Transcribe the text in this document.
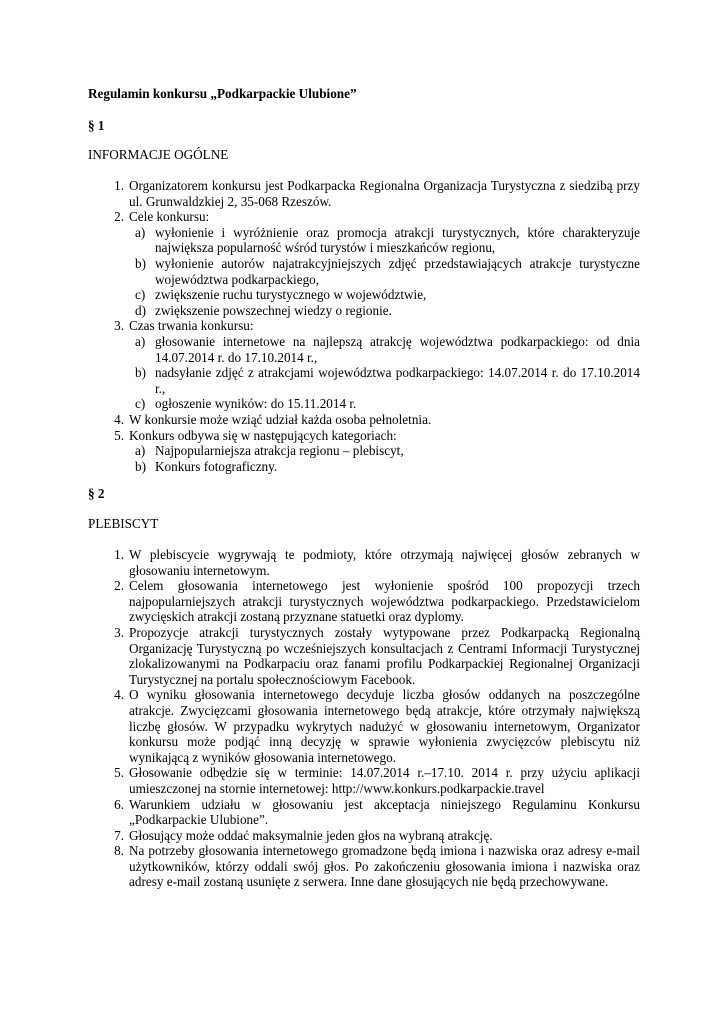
Regulamin konkursu „Podkarpackie Ulubione”
§ 1
INFORMACJE OGÓLNE
1. Organizatorem konkursu jest Podkarpacka Regionalna Organizacja Turystyczna z siedzibą przy ul. Grunwaldzkiej 2, 35-068 Rzeszów.
2. Cele konkursu:
a) wyłonienie i wyróżnienie oraz promocja atrakcji turystycznych, które charakteryzuje największa popularność wśród turystów i mieszkańców regionu,
b) wyłonienie autorów najatrakcyjniejszych zdjęć przedstawiających atrakcje turystyczne województwa podkarpackiego,
c) zwiększenie ruchu turystycznego w województwie,
d) zwiększenie powszechnej wiedzy o regionie.
3. Czas trwania konkursu:
a) głosowanie internetowe na najlepszą atrakcję województwa podkarpackiego: od dnia 14.07.2014 r. do 17.10.2014 r.,
b) nadsyłanie zdjęć z atrakcjami województwa podkarpackiego: 14.07.2014 r. do 17.10.2014 r.,
c) ogłoszenie wyników: do 15.11.2014 r.
4. W konkursie może wziąć udział każda osoba pełnoletnia.
5. Konkurs odbywa się w następujących kategoriach:
a) Najpopularniejsza atrakcja regionu – plebiscyt,
b) Konkurs fotograficzny.
§ 2
PLEBISCYT
1. W plebiscycie wygrywają te podmioty, które otrzymają najwięcej głosów zebranych w głosowaniu internetowym.
2. Celem głosowania internetowego jest wyłonienie spośród 100 propozycji trzech najpopularniejszych atrakcji turystycznych województwa podkarpackiego. Przedstawicielom zwycięskich atrakcji zostaną przyznane statuetki oraz dyplomy.
3. Propozycje atrakcji turystycznych zostały wytypowane przez Podkarpacką Regionalną Organizację Turystyczną po wcześniejszych konsultacjach z Centrami Informacji Turystycznej zlokalizowanymi na Podkarpaciu oraz fanami profilu Podkarpackiej Regionalnej Organizacji Turystycznej na portalu społecznościowym Facebook.
4. O wyniku głosowania internetowego decyduje liczba głosów oddanych na poszczególne atrakcje. Zwycięzcami głosowania internetowego będą atrakcje, które otrzymały największą liczbę głosów. W przypadku wykrytych nadużyć w głosowaniu internetowym, Organizator konkursu może podjąć inną decyzję w sprawie wyłonienia zwycięzców plebiscytu niż wynikającą z wyników głosowania internetowego.
5. Głosowanie odbędzie się w terminie: 14.07.2014 r.–17.10. 2014 r. przy użyciu aplikacji umieszczonej na stornie internetowej: http://www.konkurs.podkarpackie.travel
6. Warunkiem udziału w głosowaniu jest akceptacja niniejszego Regulaminu Konkursu „Podkarpackie Ulubione”.
7. Głosujący może oddać maksymalnie jeden głos na wybraną atrakcję.
8. Na potrzeby głosowania internetowego gromadzone będą imiona i nazwiska oraz adresy e-mail użytkowników, którzy oddali swój głos. Po zakończeniu głosowania imiona i nazwiska oraz adresy e-mail zostaną usunięte z serwera. Inne dane głosujących nie będą przechowywane.
